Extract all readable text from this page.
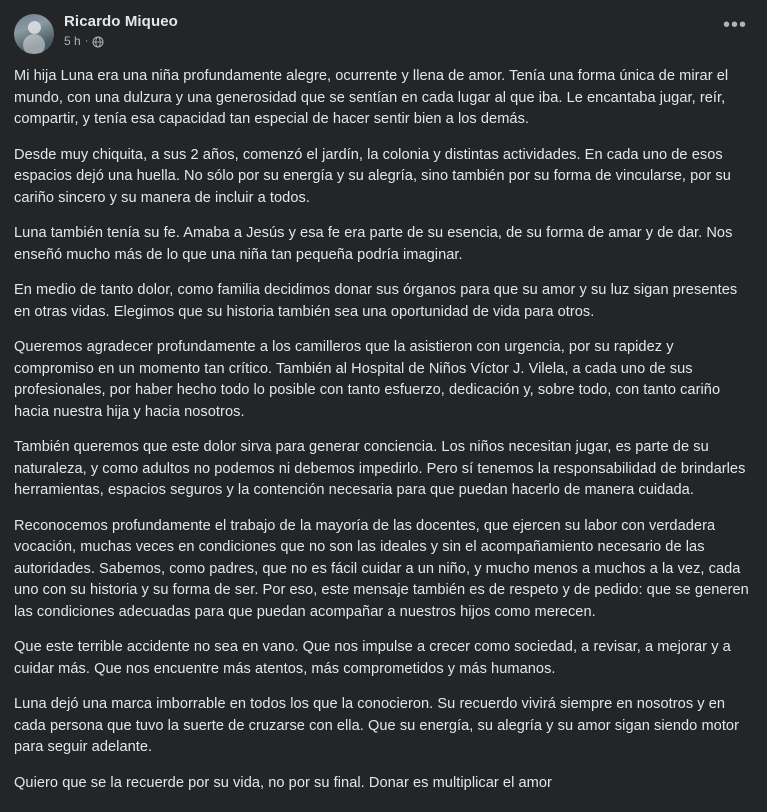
Ricardo Miqueo
5 h ·
•••

Mi hija Luna era una niña profundamente alegre, ocurrente y llena de amor. Tenía una forma única de mirar el mundo, con una dulzura y una generosidad que se sentían en cada lugar al que iba. Le encantaba jugar, reír, compartir, y tenía esa capacidad tan especial de hacer sentir bien a los demás.

Desde muy chiquita, a sus 2 años, comenzó el jardín, la colonia y distintas actividades. En cada uno de esos espacios dejó una huella. No sólo por su energía y su alegría, sino también por su forma de vincularse, por su cariño sincero y su manera de incluir a todos.

Luna también tenía su fe. Amaba a Jesús y esa fe era parte de su esencia, de su forma de amar y de dar. Nos enseñó mucho más de lo que una niña tan pequeña podría imaginar.

En medio de tanto dolor, como familia decidimos donar sus órganos para que su amor y su luz sigan presentes en otras vidas. Elegimos que su historia también sea una oportunidad de vida para otros.

Queremos agradecer profundamente a los camilleros que la asistieron con urgencia, por su rapidez y compromiso en un momento tan crítico. También al Hospital de Niños Víctor J. Vilela, a cada uno de sus profesionales, por haber hecho todo lo posible con tanto esfuerzo, dedicación y, sobre todo, con tanto cariño hacia nuestra hija y hacia nosotros.

También queremos que este dolor sirva para generar conciencia. Los niños necesitan jugar, es parte de su naturaleza, y como adultos no podemos ni debemos impedirlo. Pero sí tenemos la responsabilidad de brindarles herramientas, espacios seguros y la contención necesaria para que puedan hacerlo de manera cuidada.

Reconocemos profundamente el trabajo de la mayoría de las docentes, que ejercen su labor con verdadera vocación, muchas veces en condiciones que no son las ideales y sin el acompañamiento necesario de las autoridades. Sabemos, como padres, que no es fácil cuidar a un niño, y mucho menos a muchos a la vez, cada uno con su historia y su forma de ser. Por eso, este mensaje también es de respeto y de pedido: que se generen las condiciones adecuadas para que puedan acompañar a nuestros hijos como merecen.

Que este terrible accidente no sea en vano. Que nos impulse a crecer como sociedad, a revisar, a mejorar y a cuidar más. Que nos encuentre más atentos, más comprometidos y más humanos.

Luna dejó una marca imborrable en todos los que la conocieron. Su recuerdo vivirá siempre en nosotros y en cada persona que tuvo la suerte de cruzarse con ella. Que su energía, su alegría y su amor sigan siendo motor para seguir adelante.

Quiero que se la recuerde por su vida, no por su final. Donar es multiplicar el amor
